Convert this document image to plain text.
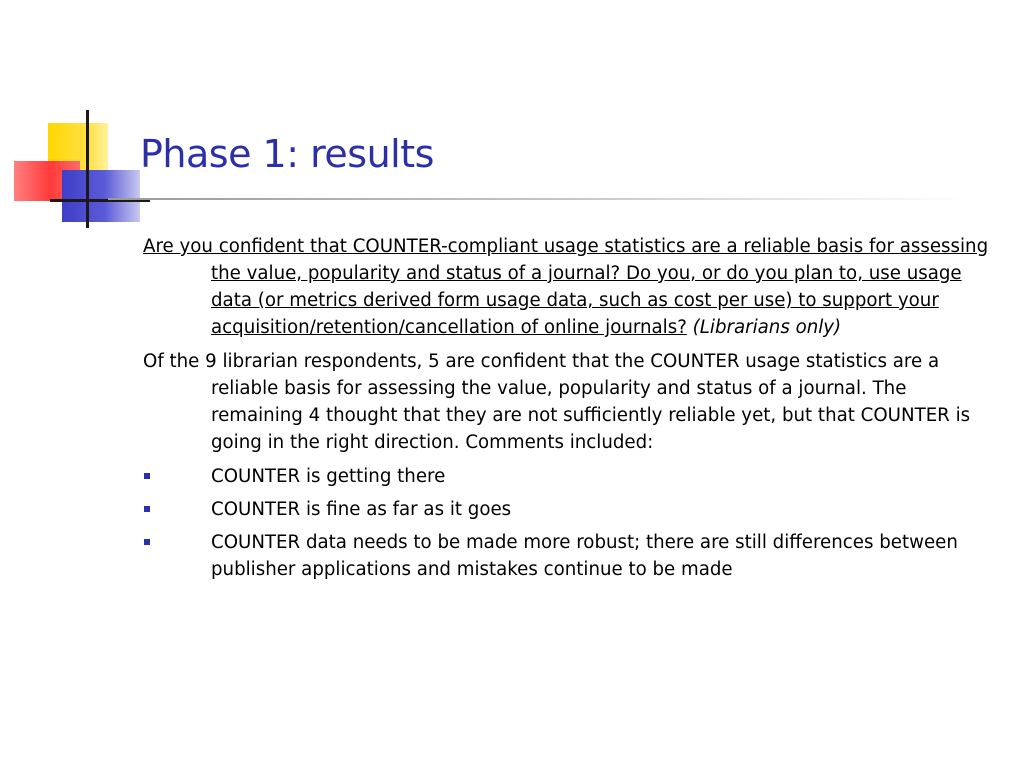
Phase 1: results

Are you confident that COUNTER-compliant usage statistics are a reliable basis for assessing the value, popularity and status of a journal? Do you, or do you plan to, use usage data (or metrics derived form usage data, such as cost per use) to support your acquisition/retention/cancellation of online journals? (Librarians only)

Of the 9 librarian respondents, 5 are confident that the COUNTER usage statistics are a reliable basis for assessing the value, popularity and status of a journal. The remaining 4 thought that they are not sufficiently reliable yet, but that COUNTER is going in the right direction. Comments included:

COUNTER is getting there
COUNTER is fine as far as it goes
COUNTER data needs to be made more robust; there are still differences between publisher applications and mistakes continue to be made
